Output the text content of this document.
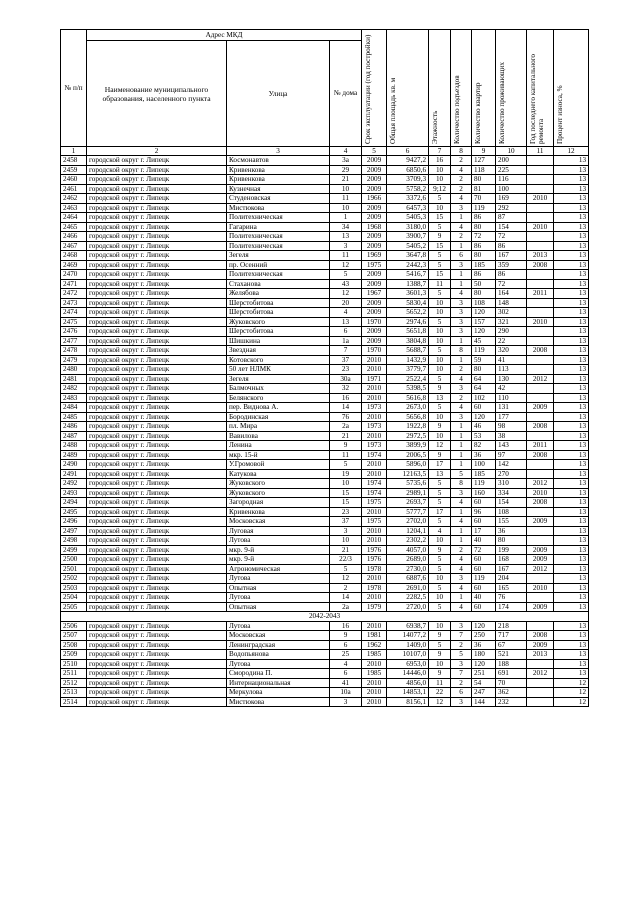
№ п/п	Адрес МКД			Срок эксплуатации (год постройки)	Общая площадь кв. м	Этажность	Количество подъездов	Количество квартир	Количество проживающих	Год последнего капитального ремонта	Процент износа, %

	Наименование муниципального образования, населенного пункта	Улица	№ дома								
1	2	3	4	5	6	7	8	9	10	11	12
2458	городской округ г. Липецк	Космонавтов	3а	2009	9427,2	16	2	127	200		13
2459	городской округ г. Липецк	Кривенкова	29	2009	6850,6	10	4	118	225		13
2460	городской округ г. Липецк	Кривенкова	21	2009	3709,3	10	2	80	116		13
2461	городской округ г. Липецк	Кузнечная	10	2009	5758,2	9;12	2	81	100		13
2462	городской округ г. Липецк	Студеновская	11	1966	3372,6	5	4	70	169	2010	13
2463	городской округ г. Липецк	Мистюкова	10	2009	6457,3	10	3	119	292		13
2464	городской округ г. Липецк	Политехническая	1	2009	5405,3	15	1	86	87		13
2465	городской округ г. Липецк	Гагарина	34	1968	3180,0	5	4	80	154	2010	13
2466	городской округ г. Липецк	Политехническая	13	2009	3900,7	9	2	72	72		13
2467	городской округ г. Липецк	Политехническая	3	2009	5405,2	15	1	86	86		13
2468	городской округ г. Липецк	Зегеля	11	1969	3647,8	5	6	80	167	2013	13
2469	городской округ г. Липецк	пр. Осенний	12	1975	2442,3	5	3	185	359	2008	13
2470	городской округ г. Липецк	Политехническая	5	2009	5416,7	15	1	86	86		13
2471	городской округ г. Липецк	Стаханова	43	2009	1388,7	11	1	50	72		13
2472	городской округ г. Липецк	Желябова	12	1967	3601,3	5	4	80	164	2011	13
2473	городской округ г. Липецк	Шерстобитова	20	2009	5830,4	10	3	108	148		13
2474	городской округ г. Липецк	Шерстобитова	4	2009	5652,2	10	3	120	302		13
2475	городской округ г. Липецк	Жуковского	13	1970	2974,6	5	3	157	321	2010	13
2476	городской округ г. Липецк	Шерстобитова	6	2009	5651,8	10	3	120	290		13
2477	городской округ г. Липецк	Шишкина	1а	2009	3804,8	10	1	45	22		13
2478	городской округ г. Липецк	Звездная	7	1970	5688,7	5	8	119	320	2008	13
2479	городской округ г. Липецк	Котовского	37	2010	1432,9	10	1	59	41		13
2480	городской округ г. Липецк	50 лет НЛМК	23	2010	3779,7	10	2	80	113		13
2481	городской округ г. Липецк	Зегеля	30а	1971	2522,4	5	4	64	130	2012	13
2482	городской округ г. Липецк	Балмочных	32	2010	5398,5	9	3	64	42		13
2483	городской округ г. Липецк	Белянского	16	2010	5616,8	13	2	102	110		13
2484	городской округ г. Липецк	пер. Виднова А.	14	1973	2673,0	5	4	60	131	2009	13
2485	городской округ г. Липецк	Бородинская	76	2010	5656,8	10	3	120	177		13
2486	городской округ г. Липецк	пл. Мира	2а	1973	1922,8	9	1	46	98	2008	13
2487	городской округ г. Липецк	Вавилова	21	2010	2972,5	10	1	53	38		13
2488	городской округ г. Липецк	Ленина	9	1973	3899,9	12	1	82	143	2011	13
2489	городской округ г. Липецк	мкр. 15-й	11	1974	2006,5	9	1	36	97	2008	13
2490	городской округ г. Липецк	У.Громовой	5	2010	5896,0	17	1	100	142		13
2491	городской округ г. Липецк	Катукова	19	2010	12163,5	13	5	185	270		13
2492	городской округ г. Липецк	Жуковского	10	1974	5735,6	5	8	119	310	2012	13
2493	городской округ г. Липецк	Жуковского	15	1974	2989,1	5	3	160	334	2010	13
2494	городской округ г. Липецк	Загородная	15	1975	2693,7	5	4	60	154	2008	13
2495	городской округ г. Липецк	Кривенкова	23	2010	5777,7	17	1	96	108		13
2496	городской округ г. Липецк	Московская	37	1975	2702,0	5	4	60	155	2009	13
2497	городской округ г. Липецк	Луговая	3	2010	1204,1	4	1	17	36		13
2498	городской округ г. Липецк	Лутова	10	2010	2302,2	10	1	40	80		13
2499	городской округ г. Липецк	мкр. 9-й	21	1976	4057,0	9	2	72	199	2009	13
2500	городской округ г. Липецк	мкр. 9-й	22/3	1976	2689,0	5	4	60	168	2009	13
2501	городской округ г. Липецк	Агрономическая	5	1978	2730,0	5	4	60	167	2012	13
2502	городской округ г. Липецк	Лутова	12	2010	6887,6	10	3	119	204		13
2503	городской округ г. Липецк	Опытная	2	1978	2691,0	5	4	60	165	2010	13
2504	городской округ г. Липецк	Лутова	14	2010	2282,5	10	1	40	76		13
2505	городской округ г. Липецк	Опытная	2а	1979	2720,0	5	4	60	174	2009	13
2042-2043											
2506	городской округ г. Липецк	Лутова	16	2010	6938,7	10	3	120	218		13
2507	городской округ г. Липецк	Московская	9	1981	14077,2	9	7	250	717	2008	13
2508	городской округ г. Липецк	Ленинградская	6	1962	1409,0	5	2	36	67	2009	13
2509	городской округ г. Липецк	Водопьянова	25	1985	10107,0	9	5	180	521	2013	13
2510	городской округ г. Липецк	Лутова	4	2010	6953,0	10	3	120	188		13
2511	городской округ г. Липецк	Смородина П.	6	1985	14446,0	9	7	251	691	2012	13
2512	городской округ г. Липецк	Интернациональная	41	2010	4856,0	11	2	54	70		12
2513	городской округ г. Липецк	Меркулова	10а	2010	14853,1	22	6	247	362		12
2514	городской округ г. Липецк	Мистюкова	3	2010	8156,1	12	3	144	232		12
